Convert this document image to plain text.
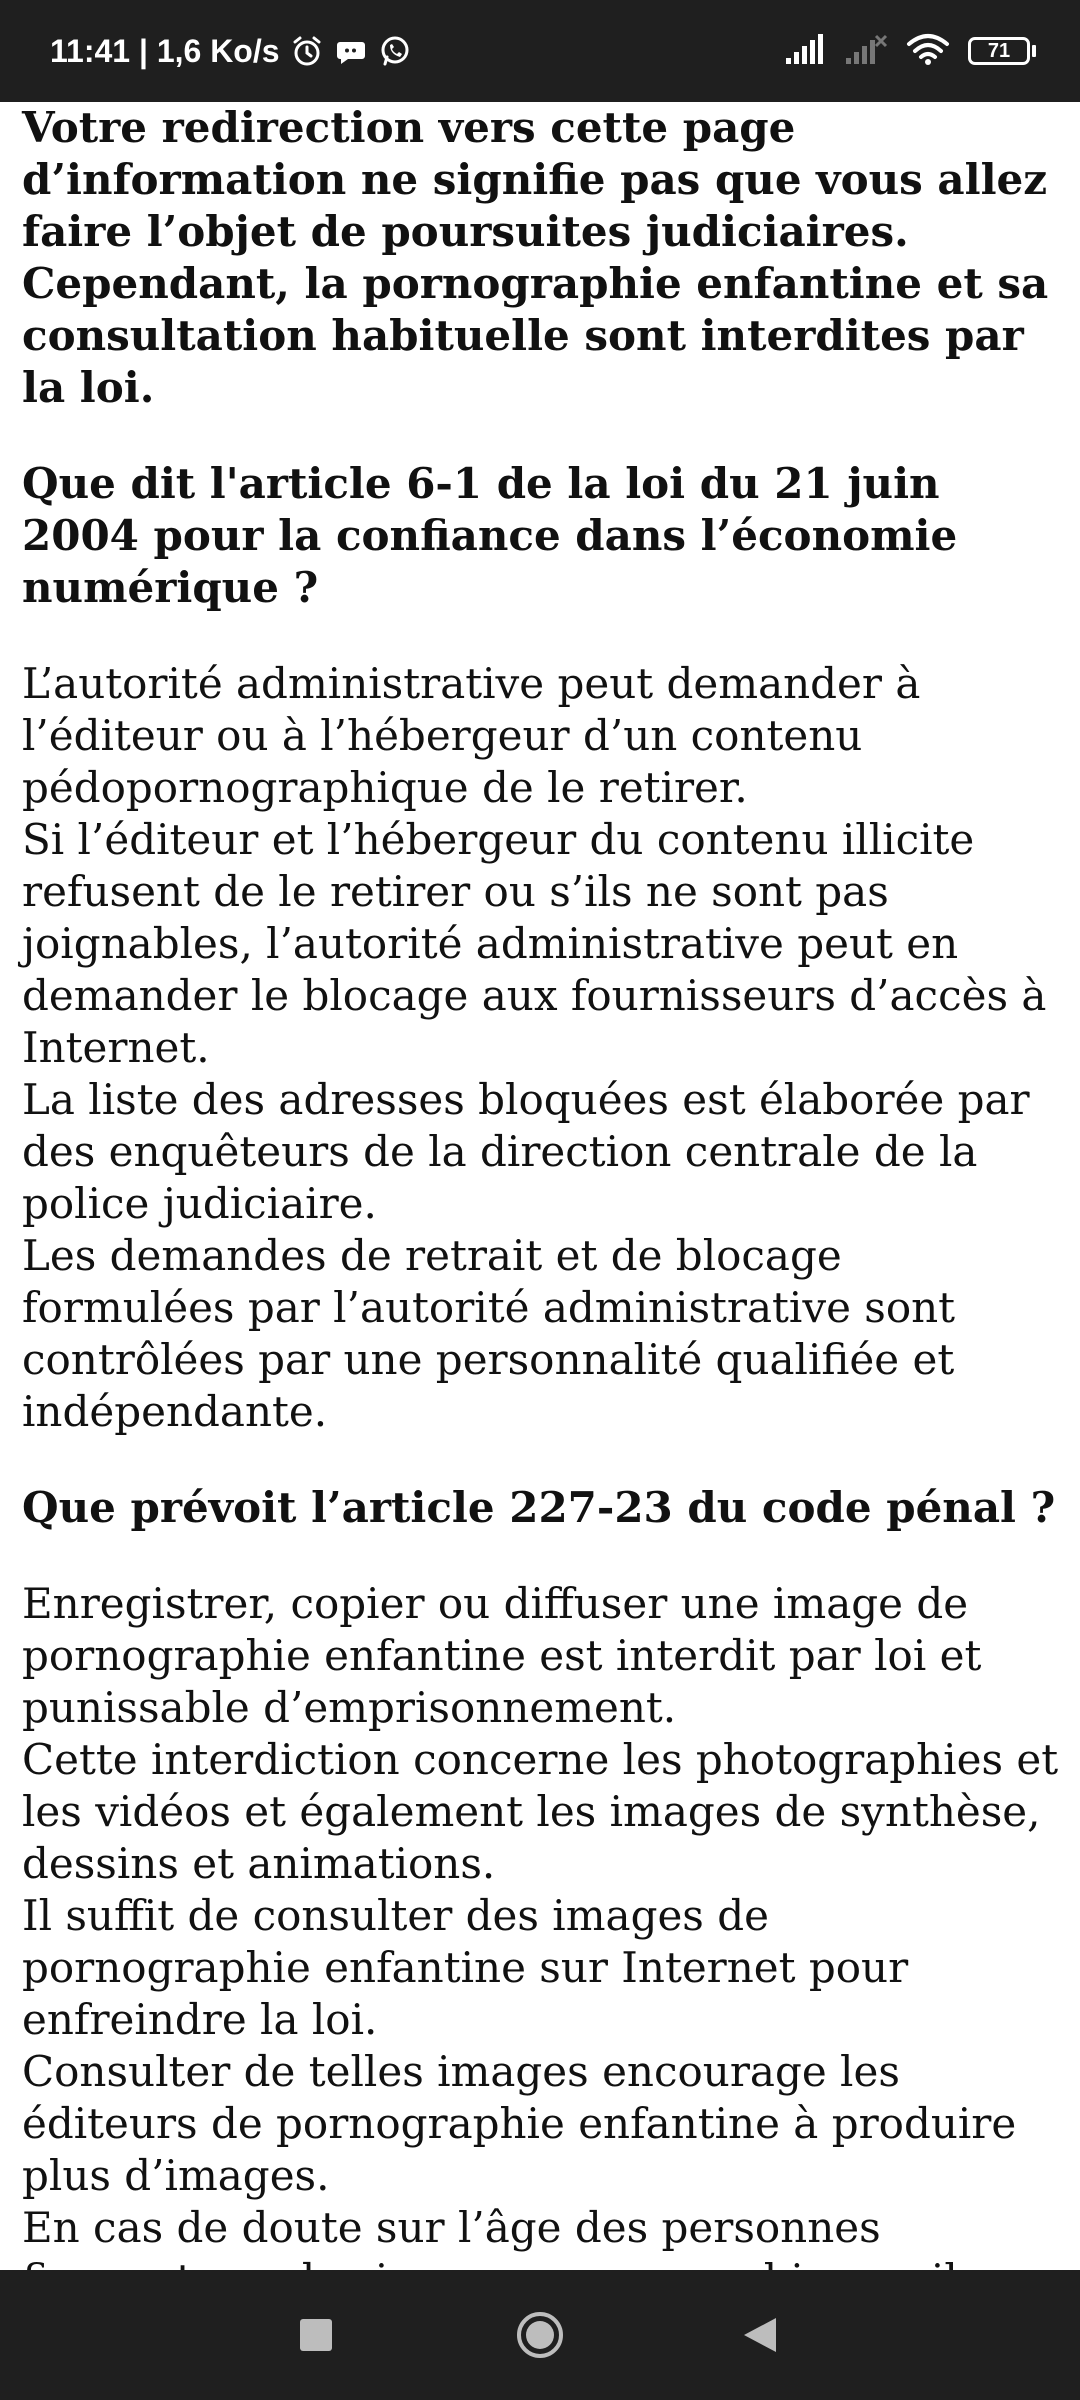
11:41 | 1,6 Ko/s	71

Votre redirection vers cette page d’information ne signifie pas que vous allez faire l’objet de poursuites judiciaires. Cependant, la pornographie enfantine et sa consultation habituelle sont interdites par la loi.

Que dit l'article 6-1 de la loi du 21 juin 2004 pour la confiance dans l’économie numérique ?

L’autorité administrative peut demander à l’éditeur ou à l’hébergeur d’un contenu pédopornographique de le retirer.

Si l’éditeur et l’hébergeur du contenu illicite refusent de le retirer ou s’ils ne sont pas joignables, l’autorité administrative peut en demander le blocage aux fournisseurs d’accès à Internet.

La liste des adresses bloquées est élaborée par des enquêteurs de la direction centrale de la police judiciaire.

Les demandes de retrait et de blocage formulées par l’autorité administrative sont contrôlées par une personnalité qualifiée et indépendante.

Que prévoit l’article 227-23 du code pénal ?

Enregistrer, copier ou diffuser une image de pornographie enfantine est interdit par loi et punissable d’emprisonnement.

Cette interdiction concerne les photographies et les vidéos et également les images de synthèse, dessins et animations.

Il suffit de consulter des images de pornographie enfantine sur Internet pour enfreindre la loi.

Consulter de telles images encourage les éditeurs de pornographie enfantine à produire plus d’images.

En cas de doute sur l’âge des personnes
